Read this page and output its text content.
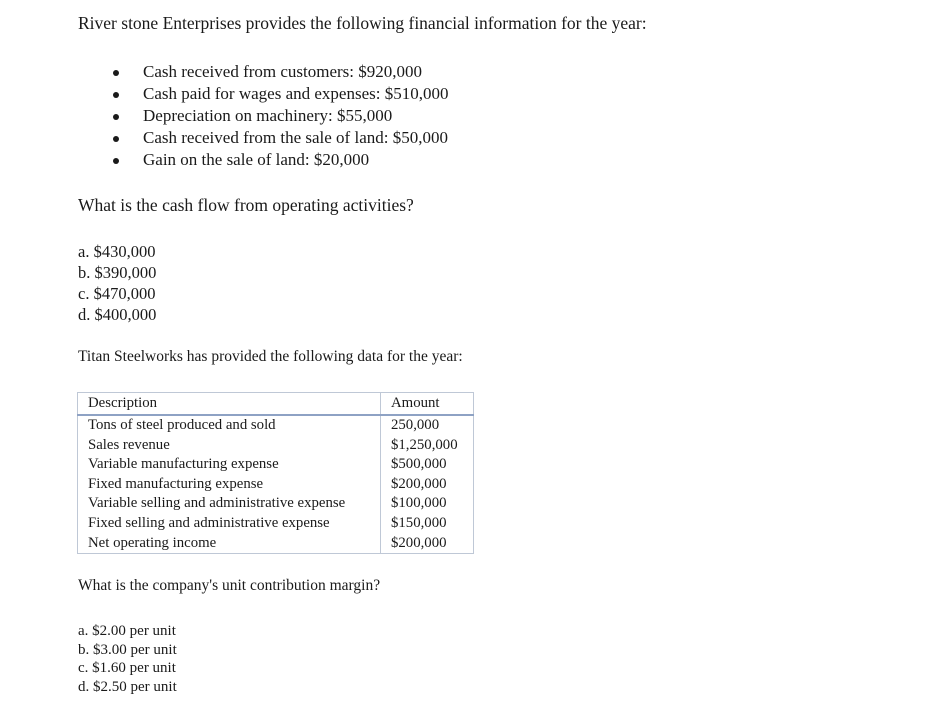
River stone Enterprises provides the following financial information for the year:
Cash received from customers: $920,000
Cash paid for wages and expenses: $510,000
Depreciation on machinery: $55,000
Cash received from the sale of land: $50,000
Gain on the sale of land: $20,000
What is the cash flow from operating activities?
a. $430,000
b. $390,000
c. $470,000
d. $400,000
Titan Steelworks has provided the following data for the year:
Description	Amount
Tons of steel produced and sold	250,000
Sales revenue	$1,250,000
Variable manufacturing expense	$500,000
Fixed manufacturing expense	$200,000
Variable selling and administrative expense	$100,000
Fixed selling and administrative expense	$150,000
Net operating income	$200,000
What is the company's unit contribution margin?
a. $2.00 per unit
b. $3.00 per unit
c. $1.60 per unit
d. $2.50 per unit
